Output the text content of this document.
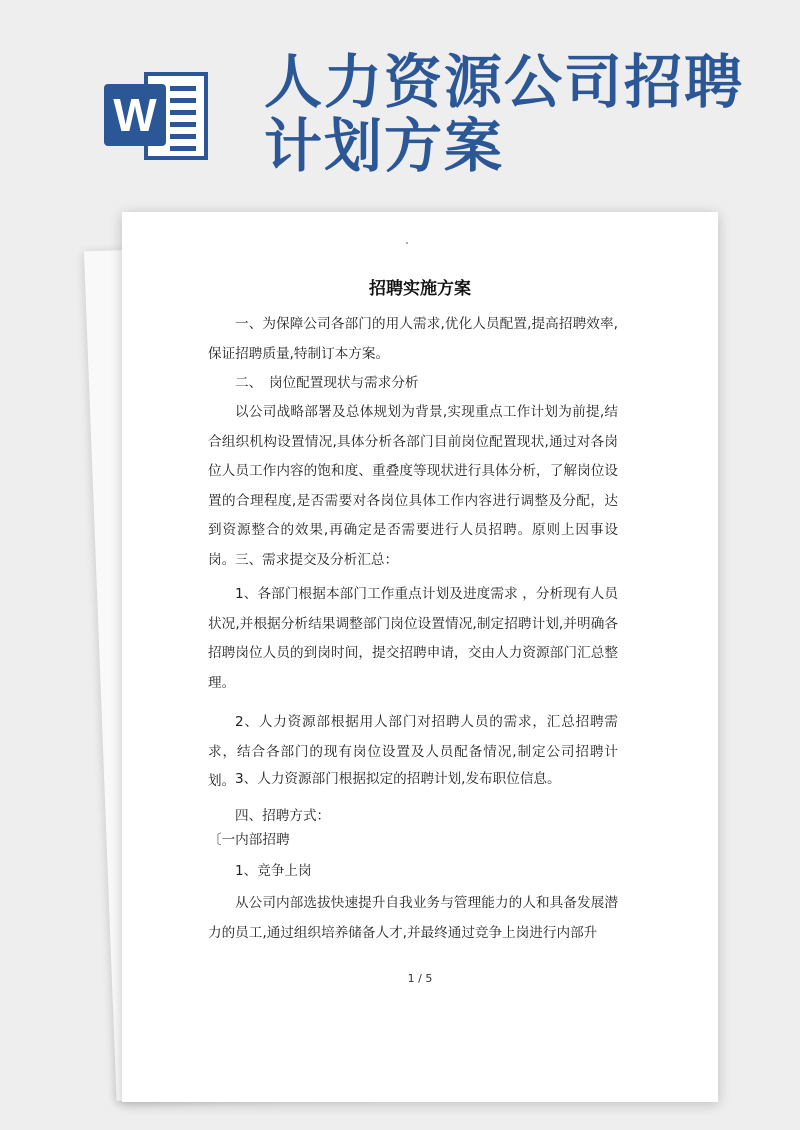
W 人力资源公司招聘计划方案
招聘实施方案

一、为保障公司各部门的用人需求,优化人员配置,提高招聘效率,保证招聘质量,特制订本方案。

二、　岗位配置现状与需求分析

以公司战略部署及总体规划为背景,实现重点工作计划为前提,结合组织机构设置情况,具体分析各部门目前岗位配置现状,通过对各岗位人员工作内容的饱和度、重叠度等现状进行具体分析，了解岗位设置的合理程度,是否需要对各岗位具体工作内容进行调整及分配，达到资源整合的效果,再确定是否需要进行人员招聘。原则上因事设岗。 三、需求提交及分析汇总：

1、各部门根据本部门工作重点计划及进度需求 ，分析现有人员状况,并根据分析结果调整部门岗位设置情况,制定招聘计划,并明确各招聘岗位人员的到岗时间，提交招聘申请，交由人力资源部门汇总整理。

2、人力资源部根据用人部门对招聘人员的需求，汇总招聘需求，结合各部门的现有岗位设置及人员配备情况,制定公司招聘计划。 3、人力资源部门根据拟定的招聘计划,发布职位信息。

四、招聘方式：

〔一内部招聘

1、竞争上岗

从公司内部选拔快速提升自我业务与管理能力的人和具备发展潜力的员工,通过组织培养储备人才,并最终通过竞争上岗进行内部升

1 / 5
